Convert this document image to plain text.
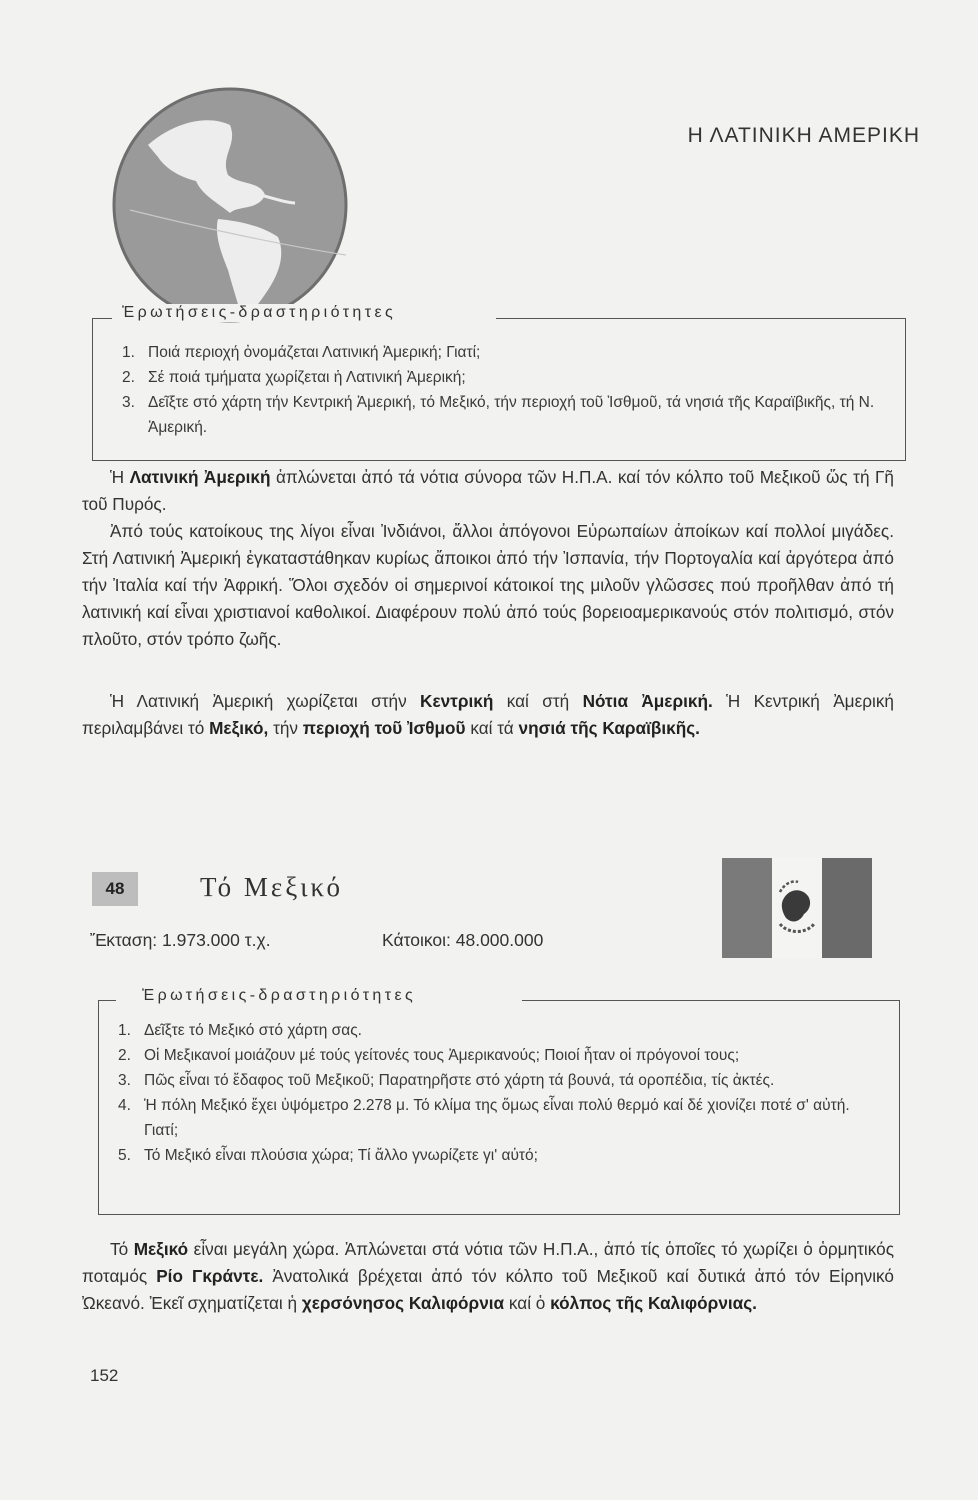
Η ΛΑΤΙΝΙΚΗ ΑΜΕΡΙΚΗ
Ἐρωτήσεις-δραστηριότητες
1. Ποιά περιοχή ὀνομάζεται Λατινική Ἀμερική; Γιατί;
2. Σέ ποιά τμήματα χωρίζεται ἡ Λατινική Ἀμερική;
3. Δεῖξτε στό χάρτη τήν Κεντρική Ἀμερική, τό Μεξικό, τήν περιοχή τοῦ Ἰσθμοῦ, τά νησιά τῆς Καραϊβικῆς, τή Ν. Ἀμερική.

Ἡ Λατινική Ἀμερική ἁπλώνεται ἀπό τά νότια σύνορα τῶν Η.Π.Α. καί τόν κόλπο τοῦ Μεξικοῦ ὥς τή Γῆ τοῦ Πυρός.

Ἀπό τούς κατοίκους της λίγοι εἶναι Ἰνδιάνοι, ἄλλοι ἀπόγονοι Εὐρωπαίων ἀποίκων καί πολλοί μιγάδες. Στή Λατινική Ἀμερική ἐγκαταστάθηκαν κυρίως ἄποικοι ἀπό τήν Ἰσπανία, τήν Πορτογαλία καί ἀργότερα ἀπό τήν Ἰταλία καί τήν Ἀφρική. Ὅλοι σχεδόν οἱ σημερινοί κάτοικοί της μιλοῦν γλῶσσες πού προῆλθαν ἀπό τή λατινική καί εἶναι χριστιανοί καθολικοί. Διαφέρουν πολύ ἀπό τούς βορειοαμερικανούς στόν πολιτισμό, στόν πλοῦτο, στόν τρόπο ζωῆς.

Ἡ Λατινική Ἀμερική χωρίζεται στήν Κεντρική καί στή Νότια Ἀμερική. Ἡ Κεντρική Ἀμερική περιλαμβάνει τό Μεξικό, τήν περιοχή τοῦ Ἰσθμοῦ καί τά νησιά τῆς Καραϊβικῆς.

48	Τό Μεξικό
Ἔκταση: 1.973.000 τ.χ.	Κάτοικοι: 48.000.000
Ἐρωτήσεις-δραστηριότητες
1. Δεῖξτε τό Μεξικό στό χάρτη σας.
2. Οἱ Μεξικανοί μοιάζουν μέ τούς γείτονές τους Ἀμερικανούς; Ποιοί ἦταν οἱ πρόγονοί τους;
3. Πῶς εἶναι τό ἔδαφος τοῦ Μεξικοῦ; Παρατηρῆστε στό χάρτη τά βουνά, τά οροπέδια, τίς ἀκτές.
4. Ἡ πόλη Μεξικό ἔχει ὑψόμετρο 2.278 μ. Τό κλίμα της ὅμως εἶναι πολύ θερμό καί δέ χιονίζει ποτέ σ' αὐτή. Γιατί;
5. Τό Μεξικό εἶναι πλούσια χώρα; Τί ἄλλο γνωρίζετε γι' αὐτό;

Τό Μεξικό εἶναι μεγάλη χώρα. Ἁπλώνεται στά νότια τῶν Η.Π.Α., ἀπό τίς ὁποῖες τό χωρίζει ὁ ὁρμητικός ποταμός Ρίο Γκράντε. Ἀνατολικά βρέχεται ἀπό τόν κόλπο τοῦ Μεξικοῦ καί δυτικά ἀπό τόν Εἰρηνικό Ὠκεανό. Ἐκεῖ σχηματίζεται ἡ χερσόνησος Καλιφόρνια καί ὁ κόλπος τῆς Καλιφόρνιας.

152
